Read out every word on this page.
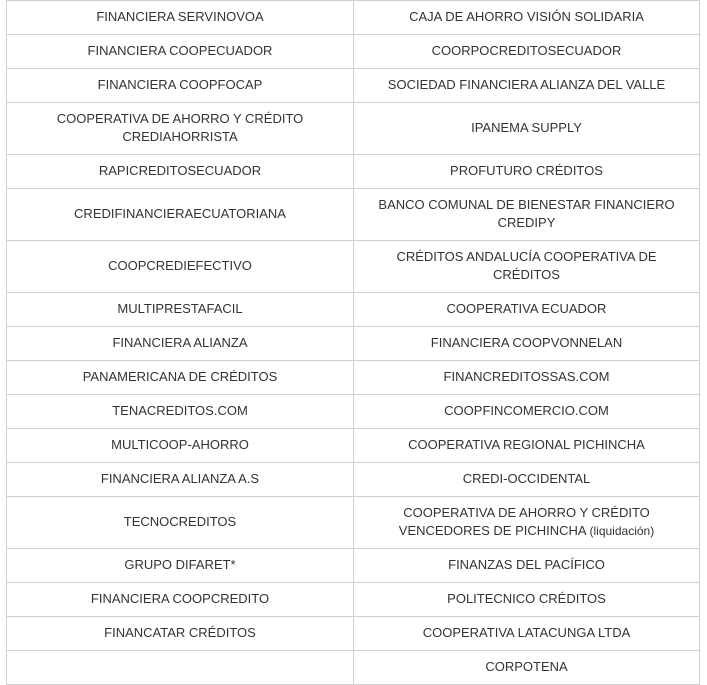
FINANCIERA SERVINOVOA	CAJA DE AHORRO VISIÓN SOLIDARIA
FINANCIERA COOPECUADOR	COORPOCREDITOSECUADOR
FINANCIERA COOPFOCAP	SOCIEDAD FINANCIERA ALIANZA DEL VALLE
COOPERATIVA DE AHORRO Y CRÉDITO CREDIAHORRISTA	IPANEMA SUPPLY
RAPICREDITOSECUADOR	PROFUTURO CRÉDITOS
CREDIFINANCIERAECUATORIANA	BANCO COMUNAL DE BIENESTAR FINANCIERO CREDIPY
COOPCREDIEFECTIVO	CRÉDITOS ANDALUCÍA COOPERATIVA DE CRÉDITOS
MULTIPRESTAFACIL	COOPERATIVA ECUADOR
FINANCIERA ALIANZA	FINANCIERA COOPVONNELAN
PANAMERICANA DE CRÉDITOS	FINANCREDITOSSAS.COM
TENACREDITOS.COM	COOPFINCOMERCIO.COM
MULTICOOP-AHORRO	COOPERATIVA REGIONAL PICHINCHA
FINANCIERA ALIANZA A.S	CREDI-OCCIDENTAL
TECNOCREDITOS	COOPERATIVA DE AHORRO Y CRÉDITO VENCEDORES DE PICHINCHA (liquidación)
GRUPO DIFARET*	FINANZAS DEL PACÍFICO
FINANCIERA COOPCREDITO	POLITECNICO CRÉDITOS
FINANCATAR CRÉDITOS	COOPERATIVA LATACUNGA LTDA
	CORPOTENA
